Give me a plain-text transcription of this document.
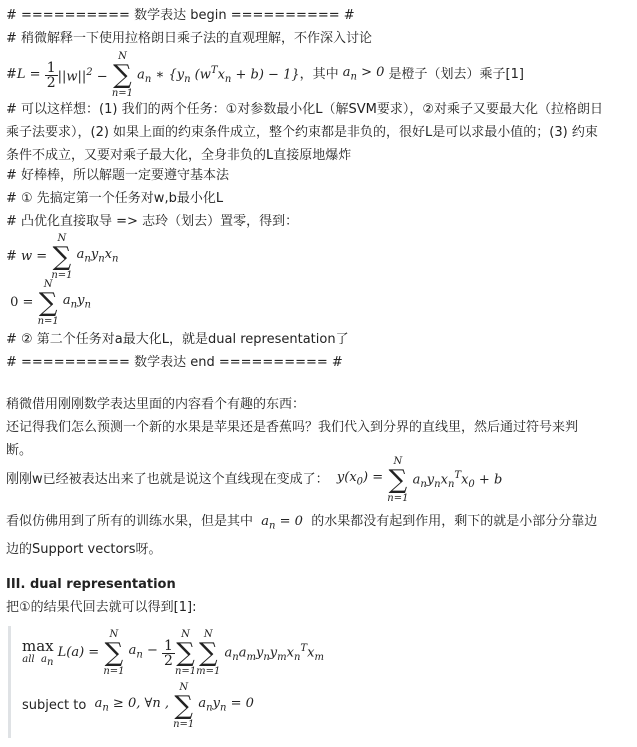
# ========== 数学表达 begin ========== #
# 稍微解释一下使用拉格朗日乘子法的直观理解，不作深入讨论
# $L = \frac{1}{2} ||w||^2$ −
N
∑
n=1
$a_n$ ∗ {$y_n$ $(w^Tx_n + b) - 1$} ，其中 $a_n > 0$ 是橙子（划去）乘子[1]
# 可以这样想：(1) 我们的两个任务：①对参数最小化L（解SVM要求），②对乘子又要最大化（拉格朗日乘子法要求），(2) 如果上面的约束条件成立，整个约束都是非负的，很好L是可以求最小值的；(3) 约束条件不成立，又要对乘子最大化，全身非负的L直接原地爆炸
# 好棒棒，所以解题一定要遵守基本法
# ① 先搞定第一个任务对w,b最小化L
# 凸优化直接取导 => 志玲（划去）置零，得到：
# w =
N
∑
n=1
$a_ny_nx_n$
0 =
N
∑
n=1
$a_ny_n$
# ② 第二个任务对a最大化L，就是dual representation了
# ========== 数学表达 end ========== #
稍微借用刚刚数学表达里面的内容看个有趣的东西：
还记得我们怎么预测一个新的水果是苹果还是香蕉吗？我们代入到分界的直线里，然后通过符号来判断。
刚刚w已经被表达出来了也就是说这个直线现在变成了： $y(x_0)$ =
N
∑
n=1
$a_ny_nx_n^Tx_0 + b$
看似仿佛用到了所有的训练水果，但是其中  $a_n = 0$  的水果都没有起到作用，剩下的就是小部分分靠边边的Support vectors呀。
III. dual representation
把①的结果代回去就可以得到[1]:
max
all  $a_n$
L(a) =
N
∑
n=1
$a_n - \frac{1}{2}$
N
∑
n=1
N
∑
m=1
$a_na_my_ny_mx_n^Tx_m$
subject to $a_n \ge 0$, ∀n ,
N
∑
n=1
$a_ny_n = 0$
